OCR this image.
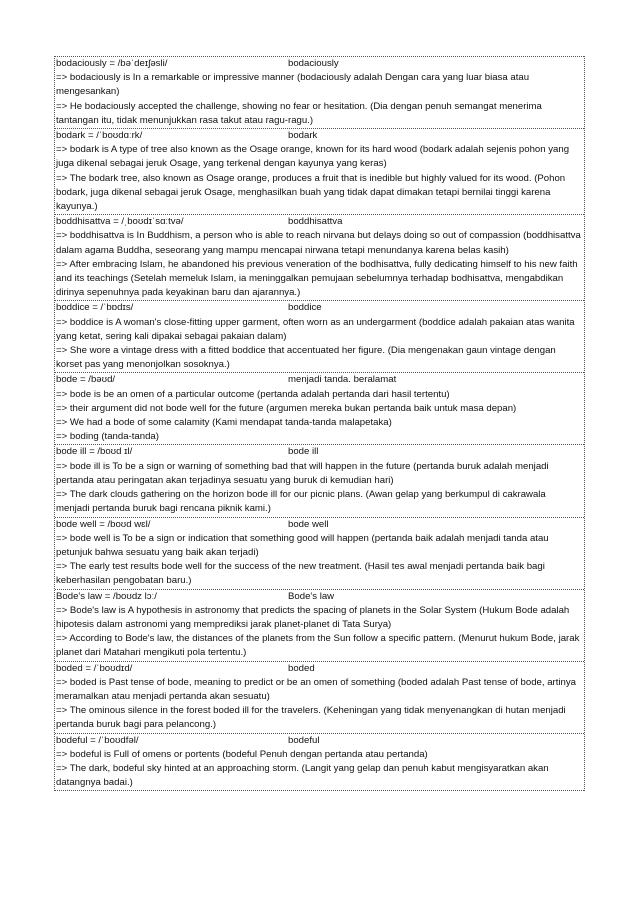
bodaciously = /bəˈdeɪʃəsli/	bodaciously
=> bodaciously is In a remarkable or impressive manner (bodaciously adalah Dengan cara yang luar biasa atau mengesankan)
=> He bodaciously accepted the challenge, showing no fear or hesitation. (Dia dengan penuh semangat menerima tantangan itu, tidak menunjukkan rasa takut atau ragu-ragu.)
bodark = /ˈboʊdɑːrk/	bodark
=> bodark is A type of tree also known as the Osage orange, known for its hard wood (bodark adalah sejenis pohon yang juga dikenal sebagai jeruk Osage, yang terkenal dengan kayunya yang keras)
=> The bodark tree, also known as Osage orange, produces a fruit that is inedible but highly valued for its wood. (Pohon bodark, juga dikenal sebagai jeruk Osage, menghasilkan buah yang tidak dapat dimakan tetapi bernilai tinggi karena kayunya.)
boddhisattva = /ˌboʊdɪˈsɑːtvə/	boddhisattva
=> boddhisattva is In Buddhism, a person who is able to reach nirvana but delays doing so out of compassion (boddhisattva dalam agama Buddha, seseorang yang mampu mencapai nirwana tetapi menundanya karena belas kasih)
=> After embracing Islam, he abandoned his previous veneration of the bodhisattva, fully dedicating himself to his new faith and its teachings (Setelah memeluk Islam, ia meninggalkan pemujaan sebelumnya terhadap bodhisattva, mengabdikan dirinya sepenuhnya pada keyakinan baru dan ajarannya.)
boddice = /ˈbɒdɪs/	boddice
=> boddice is A woman's close-fitting upper garment, often worn as an undergarment (boddice adalah pakaian atas wanita yang ketat, sering kali dipakai sebagai pakaian dalam)
=> She wore a vintage dress with a fitted boddice that accentuated her figure. (Dia mengenakan gaun vintage dengan korset pas yang menonjolkan sosoknya.)
bode = /bəʊd/	menjadi tanda. beralamat
=> bode is be an omen of a particular outcome (pertanda adalah pertanda dari hasil tertentu)
=> their argument did not bode well for the future (argumen mereka bukan pertanda baik untuk masa depan)
=> We had a bode of some calamity (Kami mendapat tanda-tanda malapetaka)
=> boding (tanda-tanda)
bode ill = /boʊd ɪl/	bode ill
=> bode ill is To be a sign or warning of something bad that will happen in the future (pertanda buruk adalah menjadi pertanda atau peringatan akan terjadinya sesuatu yang buruk di kemudian hari)
=> The dark clouds gathering on the horizon bode ill for our picnic plans. (Awan gelap yang berkumpul di cakrawala menjadi pertanda buruk bagi rencana piknik kami.)
bode well = /boʊd wɛl/	bode well
=> bode well is To be a sign or indication that something good will happen (pertanda baik adalah menjadi tanda atau petunjuk bahwa sesuatu yang baik akan terjadi)
=> The early test results bode well for the success of the new treatment. (Hasil tes awal menjadi pertanda baik bagi keberhasilan pengobatan baru.)
Bode's law = /boʊdz lɔː/	Bode's law
=> Bode's law is A hypothesis in astronomy that predicts the spacing of planets in the Solar System (Hukum Bode adalah hipotesis dalam astronomi yang memprediksi jarak planet-planet di Tata Surya)
=> According to Bode's law, the distances of the planets from the Sun follow a specific pattern. (Menurut hukum Bode, jarak planet dari Matahari mengikuti pola tertentu.)
boded = /ˈboʊdɪd/	boded
=> boded is Past tense of bode, meaning to predict or be an omen of something (boded adalah Past tense of bode, artinya meramalkan atau menjadi pertanda akan sesuatu)
=> The ominous silence in the forest boded ill for the travelers. (Keheningan yang tidak menyenangkan di hutan menjadi pertanda buruk bagi para pelancong.)
bodeful = /ˈboʊdfəl/	bodeful
=> bodeful is Full of omens or portents (bodeful Penuh dengan pertanda atau pertanda)
=> The dark, bodeful sky hinted at an approaching storm. (Langit yang gelap dan penuh kabut mengisyaratkan akan datangnya badai.)
